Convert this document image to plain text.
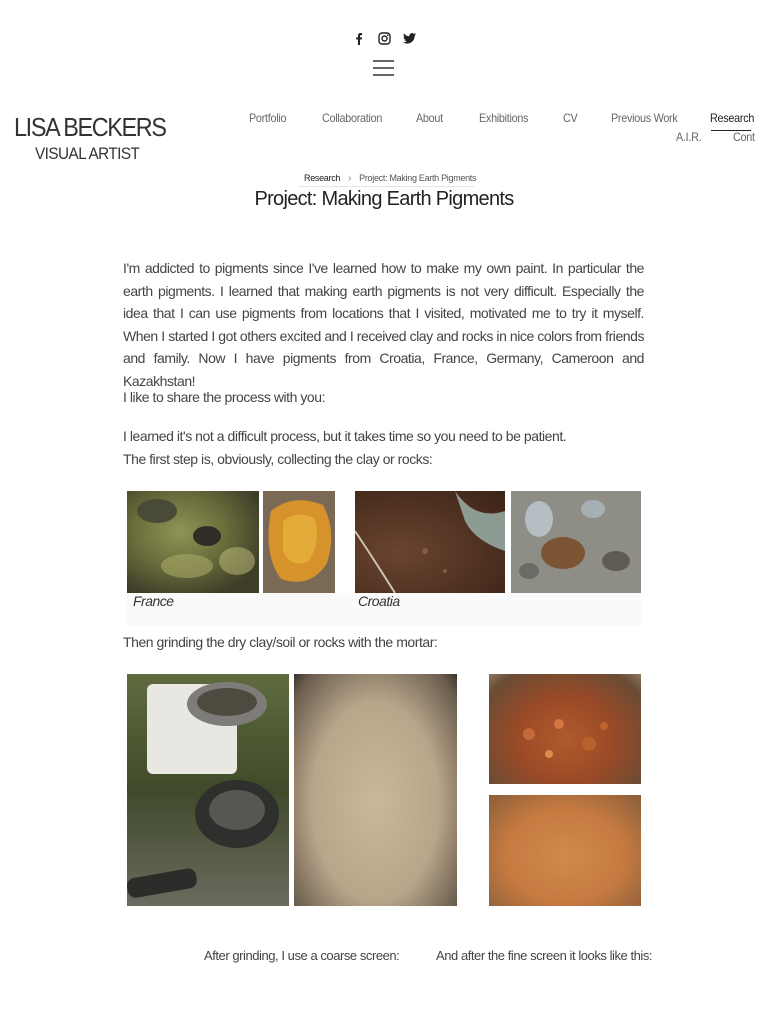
LISA BECKERS
VISUAL ARTIST
Portfolio	Collaboration	About	Exhibitions	CV	Previous Work	Research
A.I.R.	Cont
Research › Project: Making Earth Pigments
Project: Making Earth Pigments

I'm addicted to pigments since I've learned how to make my own paint. In particular the earth pigments. I learned that making earth pigments is not very difficult. Especially the idea that I can use pigments from locations that I visited, motivated me to try it myself. When I started I got others excited and I received clay and rocks in nice colors from friends and family. Now I have pigments from Croatia, France, Germany, Cameroon and Kazakhstan!

I like to share the process with you:

I learned it's not a difficult process, but it takes time so you need to be patient.

The first step is, obviously, collecting the clay or rocks:

France	Croatia

Then grinding the dry clay/soil or rocks with the mortar:

After grinding, I use a coarse screen:	And after the fine screen it looks like this:
